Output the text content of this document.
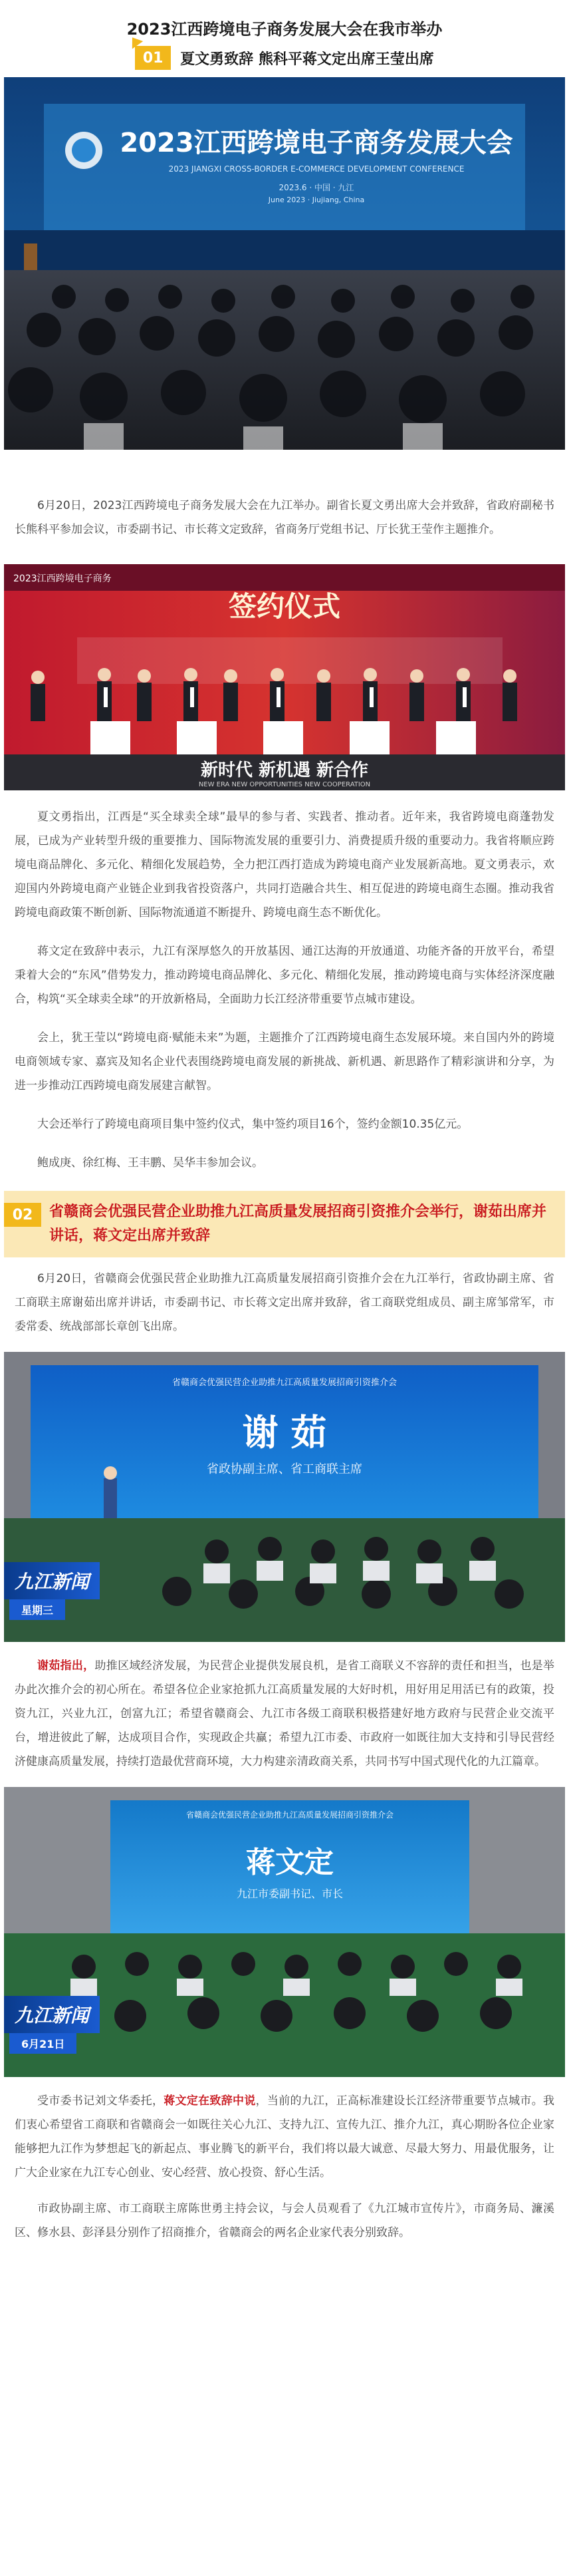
2023江西跨境电子商务发展大会在我市举办
01	夏文勇致辞 熊科平蒋文定出席王莹出席
2023江西跨境电子商务发展大会
2023 JIANGXI CROSS-BORDER E-COMMERCE DEVELOPMENT CONFERENCE
2023.6 · 中国 · 九江
June 2023 · Jiujiang, China

6月20日，2023江西跨境电子商务发展大会在九江举办。副省长夏文勇出席大会并致辞，省政府副秘书长熊科平参加会议，市委副书记、市长蒋文定致辞，省商务厅党组书记、厅长犹王莹作主题推介。

2023江西跨境电子商务
签约仪式
新时代 新机遇 新合作
NEW ERA NEW OPPORTUNITIES NEW COOPERATION

夏文勇指出，江西是“买全球卖全球”最早的参与者、实践者、推动者。近年来，我省跨境电商蓬勃发展，已成为产业转型升级的重要推力、国际物流发展的重要引力、消费提质升级的重要动力。我省将顺应跨境电商品牌化、多元化、精细化发展趋势，全力把江西打造成为跨境电商产业发展新高地。夏文勇表示，欢迎国内外跨境电商产业链企业到我省投资落户，共同打造融合共生、相互促进的跨境电商生态圈。推动我省跨境电商政策不断创新、国际物流通道不断提升、跨境电商生态不断优化。

蒋文定在致辞中表示，九江有深厚悠久的开放基因、通江达海的开放通道、功能齐备的开放平台，希望秉着大会的“东风”借势发力，推动跨境电商品牌化、多元化、精细化发展，推动跨境电商与实体经济深度融合，构筑“买全球卖全球”的开放新格局，全面助力长江经济带重要节点城市建设。

会上，犹王莹以“跨境电商·赋能未来”为题，主题推介了江西跨境电商生态发展环境。来自国内外的跨境电商领域专家、嘉宾及知名企业代表围绕跨境电商发展的新挑战、新机遇、新思路作了精彩演讲和分享，为进一步推动江西跨境电商发展建言献智。

大会还举行了跨境电商项目集中签约仪式，集中签约项目16个，签约金额10.35亿元。

鲍成庚、徐红梅、王丰鹏、吴华丰参加会议。

02	省赣商会优强民营企业助推九江高质量发展招商引资推介会举行，谢茹出席并讲话，蒋文定出席并致辞

6月20日，省赣商会优强民营企业助推九江高质量发展招商引资推介会在九江举行，省政协副主席、省工商联主席谢茹出席并讲话，市委副书记、市长蒋文定出席并致辞，省工商联党组成员、副主席邹常军，市委常委、统战部部长章创飞出席。

省赣商会优强民营企业助推九江高质量发展招商引资推介会
谢 茹
省政协副主席、省工商联主席
九江新闻
星期三

谢茹指出，助推区域经济发展，为民营企业提供发展良机，是省工商联义不容辞的责任和担当，也是举办此次推介会的初心所在。希望各位企业家抢抓九江高质量发展的大好时机，用好用足用活已有的政策，投资九江，兴业九江，创富九江；希望省赣商会、九江市各级工商联积极搭建好地方政府与民营企业交流平台，增进彼此了解，达成项目合作，实现政企共赢；希望九江市委、市政府一如既往加大支持和引导民营经济健康高质量发展，持续打造最优营商环境，大力构建亲清政商关系，共同书写中国式现代化的九江篇章。

省赣商会优强民营企业助推九江高质量发展招商引资推介会
蒋文定
九江市委副书记、市长
九江新闻
6月21日

受市委书记刘文华委托，蒋文定在致辞中说，当前的九江，正高标准建设长江经济带重要节点城市。我们衷心希望省工商联和省赣商会一如既往关心九江、支持九江、宣传九江、推介九江，真心期盼各位企业家能够把九江作为梦想起飞的新起点、事业腾飞的新平台，我们将以最大诚意、尽最大努力、用最优服务，让广大企业家在九江专心创业、安心经营、放心投资、舒心生活。

市政协副主席、市工商联主席陈世勇主持会议，与会人员观看了《九江城市宣传片》，市商务局、濂溪区、修水县、彭泽县分别作了招商推介，省赣商会的两名企业家代表分别致辞。
